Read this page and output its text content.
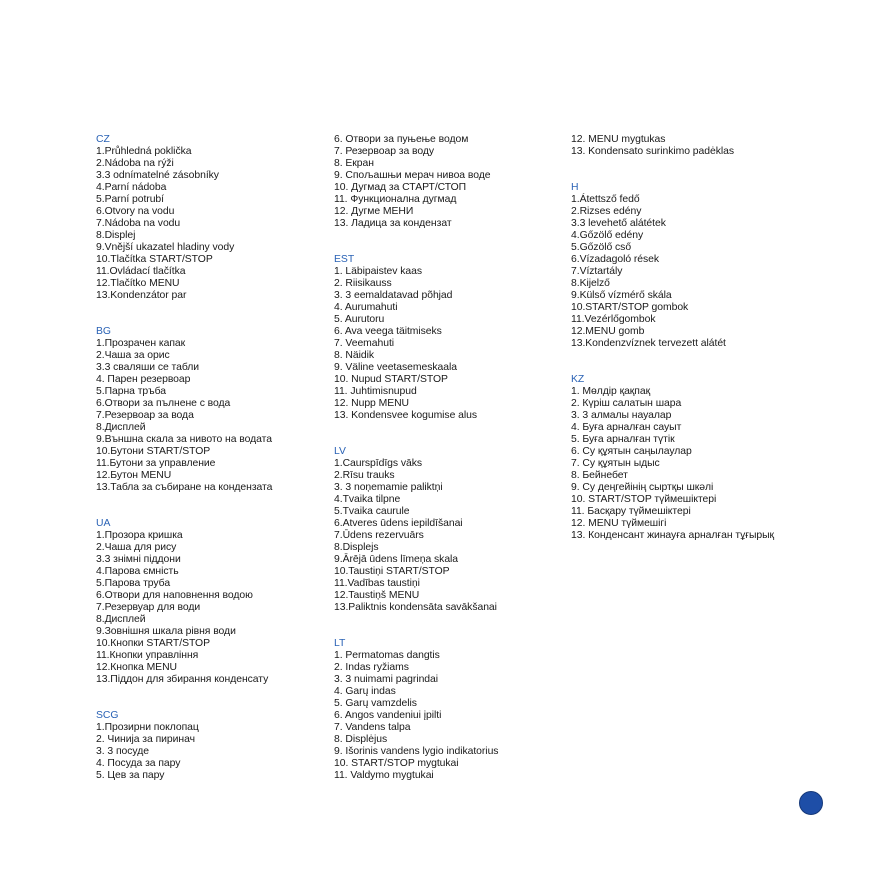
CZ
1.Průhledná poklička
2.Nádoba na rýži
3.3 odnímatelné zásobníky
4.Parní nádoba
5.Parní potrubí
6.Otvory na vodu
7.Nádoba na vodu
8.Displej
9.Vnější ukazatel hladiny vody
10.Tlačítka START/STOP
11.Ovládací tlačítka
12.Tlačítko MENU
13.Kondenzátor par
BG
1.Прозрачен капак
2.Чаша за орис
3.3 сваляши се табли
4. Парен резервоар
5.Парна тръба
6.Отвори за пълнене с вода
7.Резервоар за вода
8.Дисплей
9.Външна скала за нивото на водата
10.Бутони START/STOP
11.Бутони за управление
12.Бутон MENU
13.Табла за събиране на кондензата
UA
1.Прозора кришка
2.Чаша для рису
3.3 знімні піддони
4.Парова ємність
5.Парова труба
6.Отвори для наповнення водою
7.Резервуар для води
8.Дисплей
9.Зовнішня шкала рівня води
10.Кнопки START/STOP
11.Кнопки управління
12.Кнопка MENU
13.Піддон для збирання конденсату
SCG
1.Прозирни поклопац
2. Чинија за пиринач
3. 3 посуде
4. Посуда за пару
5. Цев за пару
6. Отвори за пуњење водом
7. Резервоар за воду
8. Екран
9. Спољашњи мерач нивоа воде
10. Дугмад за СТАРТ/СТОП
11. Функционална дугмад
12. Дугме МЕНИ
13. Ладица за кондензат
EST
1. Läbipaistev kaas
2. Riisikauss
3. 3 eemaldatavad põhjad
4. Aurumahuti
5. Aurutoru
6. Ava veega täitmiseks
7. Veemahuti
8. Näidik
9. Väline veetasemeskaala
10. Nupud START/STOP
11. Juhtimisnupud
12. Nupp MENU
13. Kondensvee kogumise alus
LV
1.Caurspīdīgs vāks
2.Rīsu trauks
3. 3 noņemamie paliktņi
4.Tvaika tilpne
5.Tvaika caurule
6.Atveres ūdens iepildīšanai
7.Ūdens rezervuārs
8.Displejs
9.Ārējā ūdens līmeņa skala
10.Taustiņi START/STOP
11.Vadības taustiņi
12.Taustiņš MENU
13.Paliktnis kondensāta savākšanai
LT
1. Permatomas dangtis
2. Indas ryžiams
3. 3 nuimami pagrindai
4. Garų indas
5. Garų vamzdelis
6. Angos vandeniui įpilti
7. Vandens talpa
8. Displėjus
9. Išorinis vandens lygio indikatorius
10. START/STOP mygtukai
11. Valdymo mygtukai
12. MENU mygtukas
13. Kondensato surinkimo padėklas
H
1.Átettsző fedő
2.Rizses edény
3.3 levehető alátétek
4.Gőzölő edény
5.Gőzölő cső
6.Vízadagoló rések
7.Víztartály
8.Kijelző
9.Külső vízmérő skála
10.START/STOP gombok
11.Vezérlőgombok
12.MENU gomb
13.Kondenzvíznek tervezett alátét
KZ
1. Мөлдір қақпақ
2. Күріш салатын шара
3. 3 алмалы науалар
4. Буға арналған сауыт
5. Буға арналған түтік
6. Су құятын саңылаулар
7. Су құятын ыдыс
8. Бейнебет
9. Су деңгейінің сыртқы шкәлі
10. START/STOP түймешіктері
11. Басқару түймешіктері
12. MENU түймешігі
13. Конденсант жинауға арналған тұғырық
